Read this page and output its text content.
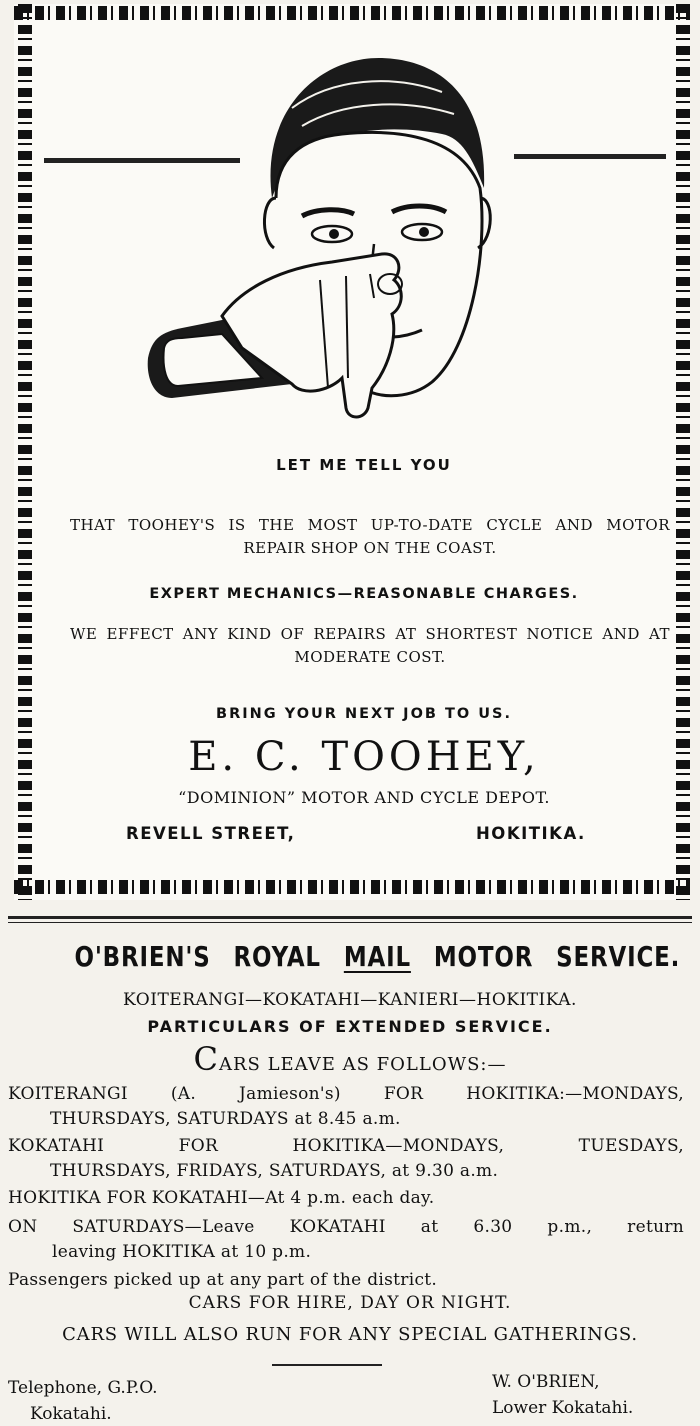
LET ME TELL YOU

THAT TOOHEY'S IS THE MOST UP-TO-DATE CYCLE AND MOTOR REPAIR SHOP ON THE COAST.

EXPERT MECHANICS—REASONABLE CHARGES.

WE EFFECT ANY KIND OF REPAIRS AT SHORTEST NOTICE AND AT MODERATE COST.

BRING YOUR NEXT JOB TO US.

E. C. TOOHEY,

“DOMINION” MOTOR AND CYCLE DEPOT.

REVELL STREET,	HOKITIKA.

O'BRIEN'S ROYAL MAIL MOTOR SERVICE.

KOITERANGI—KOKATAHI—KANIERI—HOKITIKA.

PARTICULARS OF EXTENDED SERVICE.

CARS LEAVE AS FOLLOWS:—

KOITERANGI (A. Jamieson's) FOR HOKITIKA:—MONDAYS,

THURSDAYS, SATURDAYS at 8.45 a.m.

KOKATAHI FOR HOKITIKA—MONDAYS, TUESDAYS,

THURSDAYS, FRIDAYS, SATURDAYS, at 9.30 a.m.

HOKITIKA FOR KOKATAHI—At 4 p.m. each day.

ON SATURDAYS—Leave KOKATAHI at 6.30 p.m., return

leaving HOKITIKA at 10 p.m.

Passengers picked up at any part of the district.

CARS FOR HIRE, DAY OR NIGHT.

CARS WILL ALSO RUN FOR ANY SPECIAL GATHERINGS.

Telephone, G.P.O.

Kokatahi.

W. O'BRIEN,

Lower Kokatahi.
